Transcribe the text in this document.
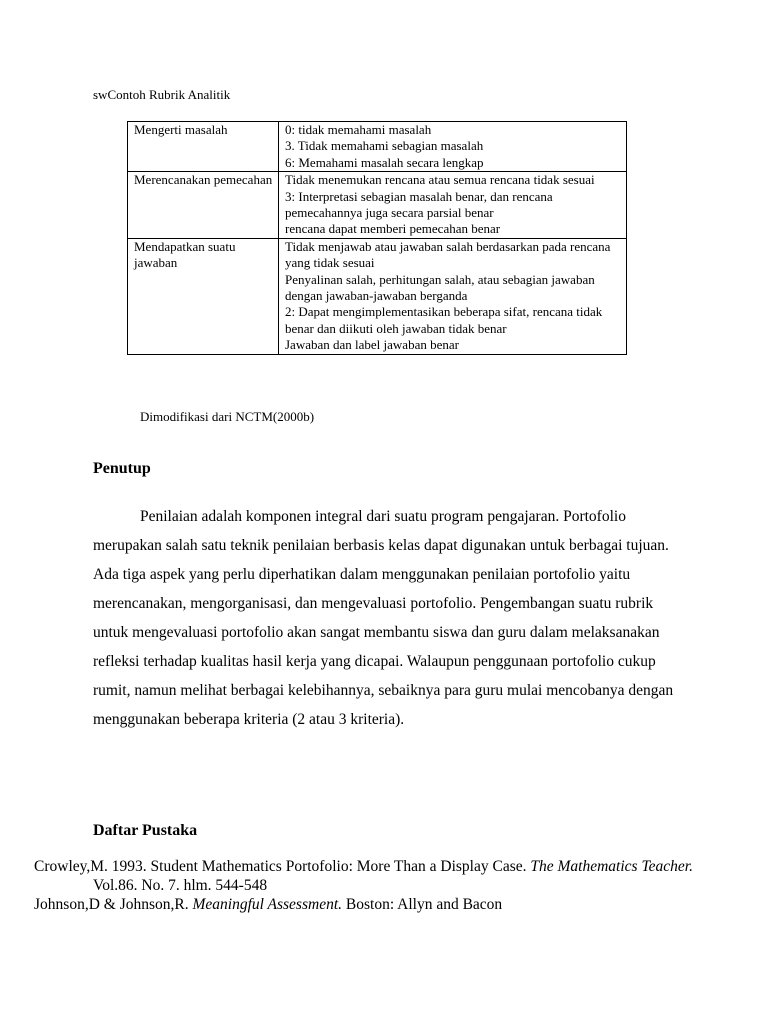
swContoh Rubrik Analitik
Mengerti masalah	0: tidak memahami masalah
3. Tidak memahami sebagian masalah
6: Memahami masalah secara lengkap

Merencanakan pemecahan	Tidak menemukan rencana atau semua rencana tidak sesuai
3: Interpretasi sebagian masalah benar, dan rencana pemecahannya juga secara parsial benar
rencana dapat memberi pemecahan benar

Mendapatkan suatu jawaban	Tidak menjawab atau jawaban salah berdasarkan pada rencana yang tidak sesuai
Penyalinan salah, perhitungan salah, atau sebagian jawaban dengan jawaban-jawaban berganda
2: Dapat mengimplementasikan beberapa sifat, rencana tidak benar dan diikuti oleh jawaban tidak benar
Jawaban dan label jawaban benar
Dimodifikasi dari NCTM(2000b)
Penutup

Penilaian adalah komponen integral dari suatu program pengajaran. Portofolio merupakan salah satu teknik penilaian berbasis kelas dapat digunakan untuk berbagai tujuan. Ada tiga aspek yang perlu diperhatikan dalam menggunakan penilaian portofolio yaitu merencanakan, mengorganisasi, dan mengevaluasi portofolio. Pengembangan suatu rubrik untuk mengevaluasi portofolio akan sangat membantu siswa dan guru dalam melaksanakan refleksi terhadap kualitas hasil kerja yang dicapai. Walaupun penggunaan portofolio cukup rumit, namun melihat berbagai kelebihannya, sebaiknya para guru mulai mencobanya dengan menggunakan beberapa kriteria (2 atau 3 kriteria).

Daftar Pustaka

Crowley,M. 1993. Student Mathematics Portofolio: More Than a Display Case. The Mathematics Teacher. Vol.86. No. 7. hlm. 544-548

Johnson,D & Johnson,R. Meaningful Assessment. Boston: Allyn and Bacon
